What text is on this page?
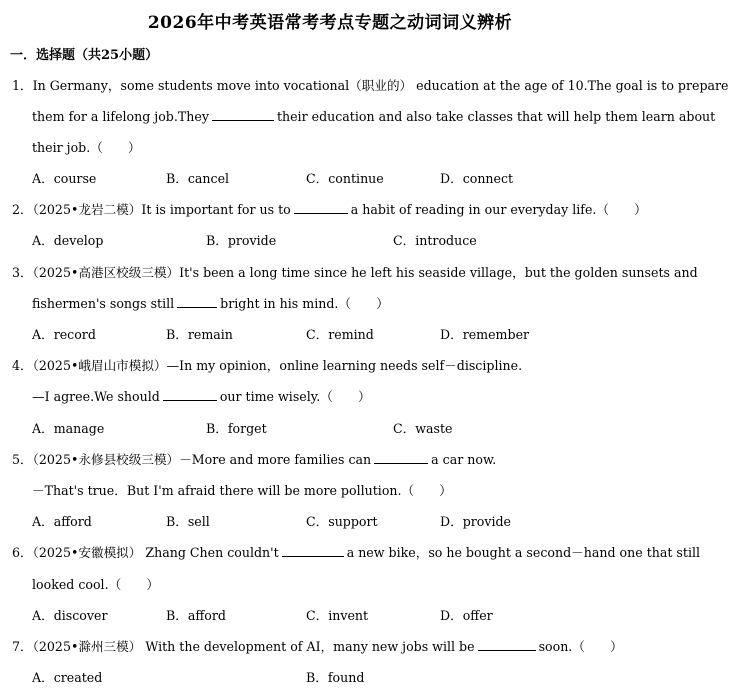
2026年中考英语常考考点专题之动词词义辨析
一．选择题（共25小题）
1．In Germany，some students move into vocational（职业的） education at the age of 10.The goal is to prepare
them for a lifelong job.They	their education and also take classes that will help them learn about
their job.（　　）
A．course	B．cancel	C．continue	D．connect
2．（2025•龙岩二模）It is important for us to	a habit of reading in our everyday life.（　　）
A．develop	B．provide	C．introduce
3．（2025•高港区校级三模）It's been a long time since he left his seaside village，but the golden sunsets and
fishermen's songs still	bright in his mind.（　　）
A．record	B．remain	C．remind	D．remember
4．（2025•峨眉山市模拟）—In my opinion，online learning needs self－discipline.
—I agree.We should	our time wisely.（　　）
A．manage	B．forget	C．waste
5．（2025•永修县校级三模）－More and more families can	a car now.
－That's true．But I'm afraid there will be more pollution.（　　）
A．afford	B．sell	C．support	D．provide
6．（2025•安徽模拟） Zhang Chen couldn't	a new bike，so he bought a second－hand one that still
looked cool.（　　）
A．discover	B．afford	C．invent	D．offer
7．（2025•滁州三模） With the development of AI，many new jobs will be	soon.（　　）
A．created	B．found
